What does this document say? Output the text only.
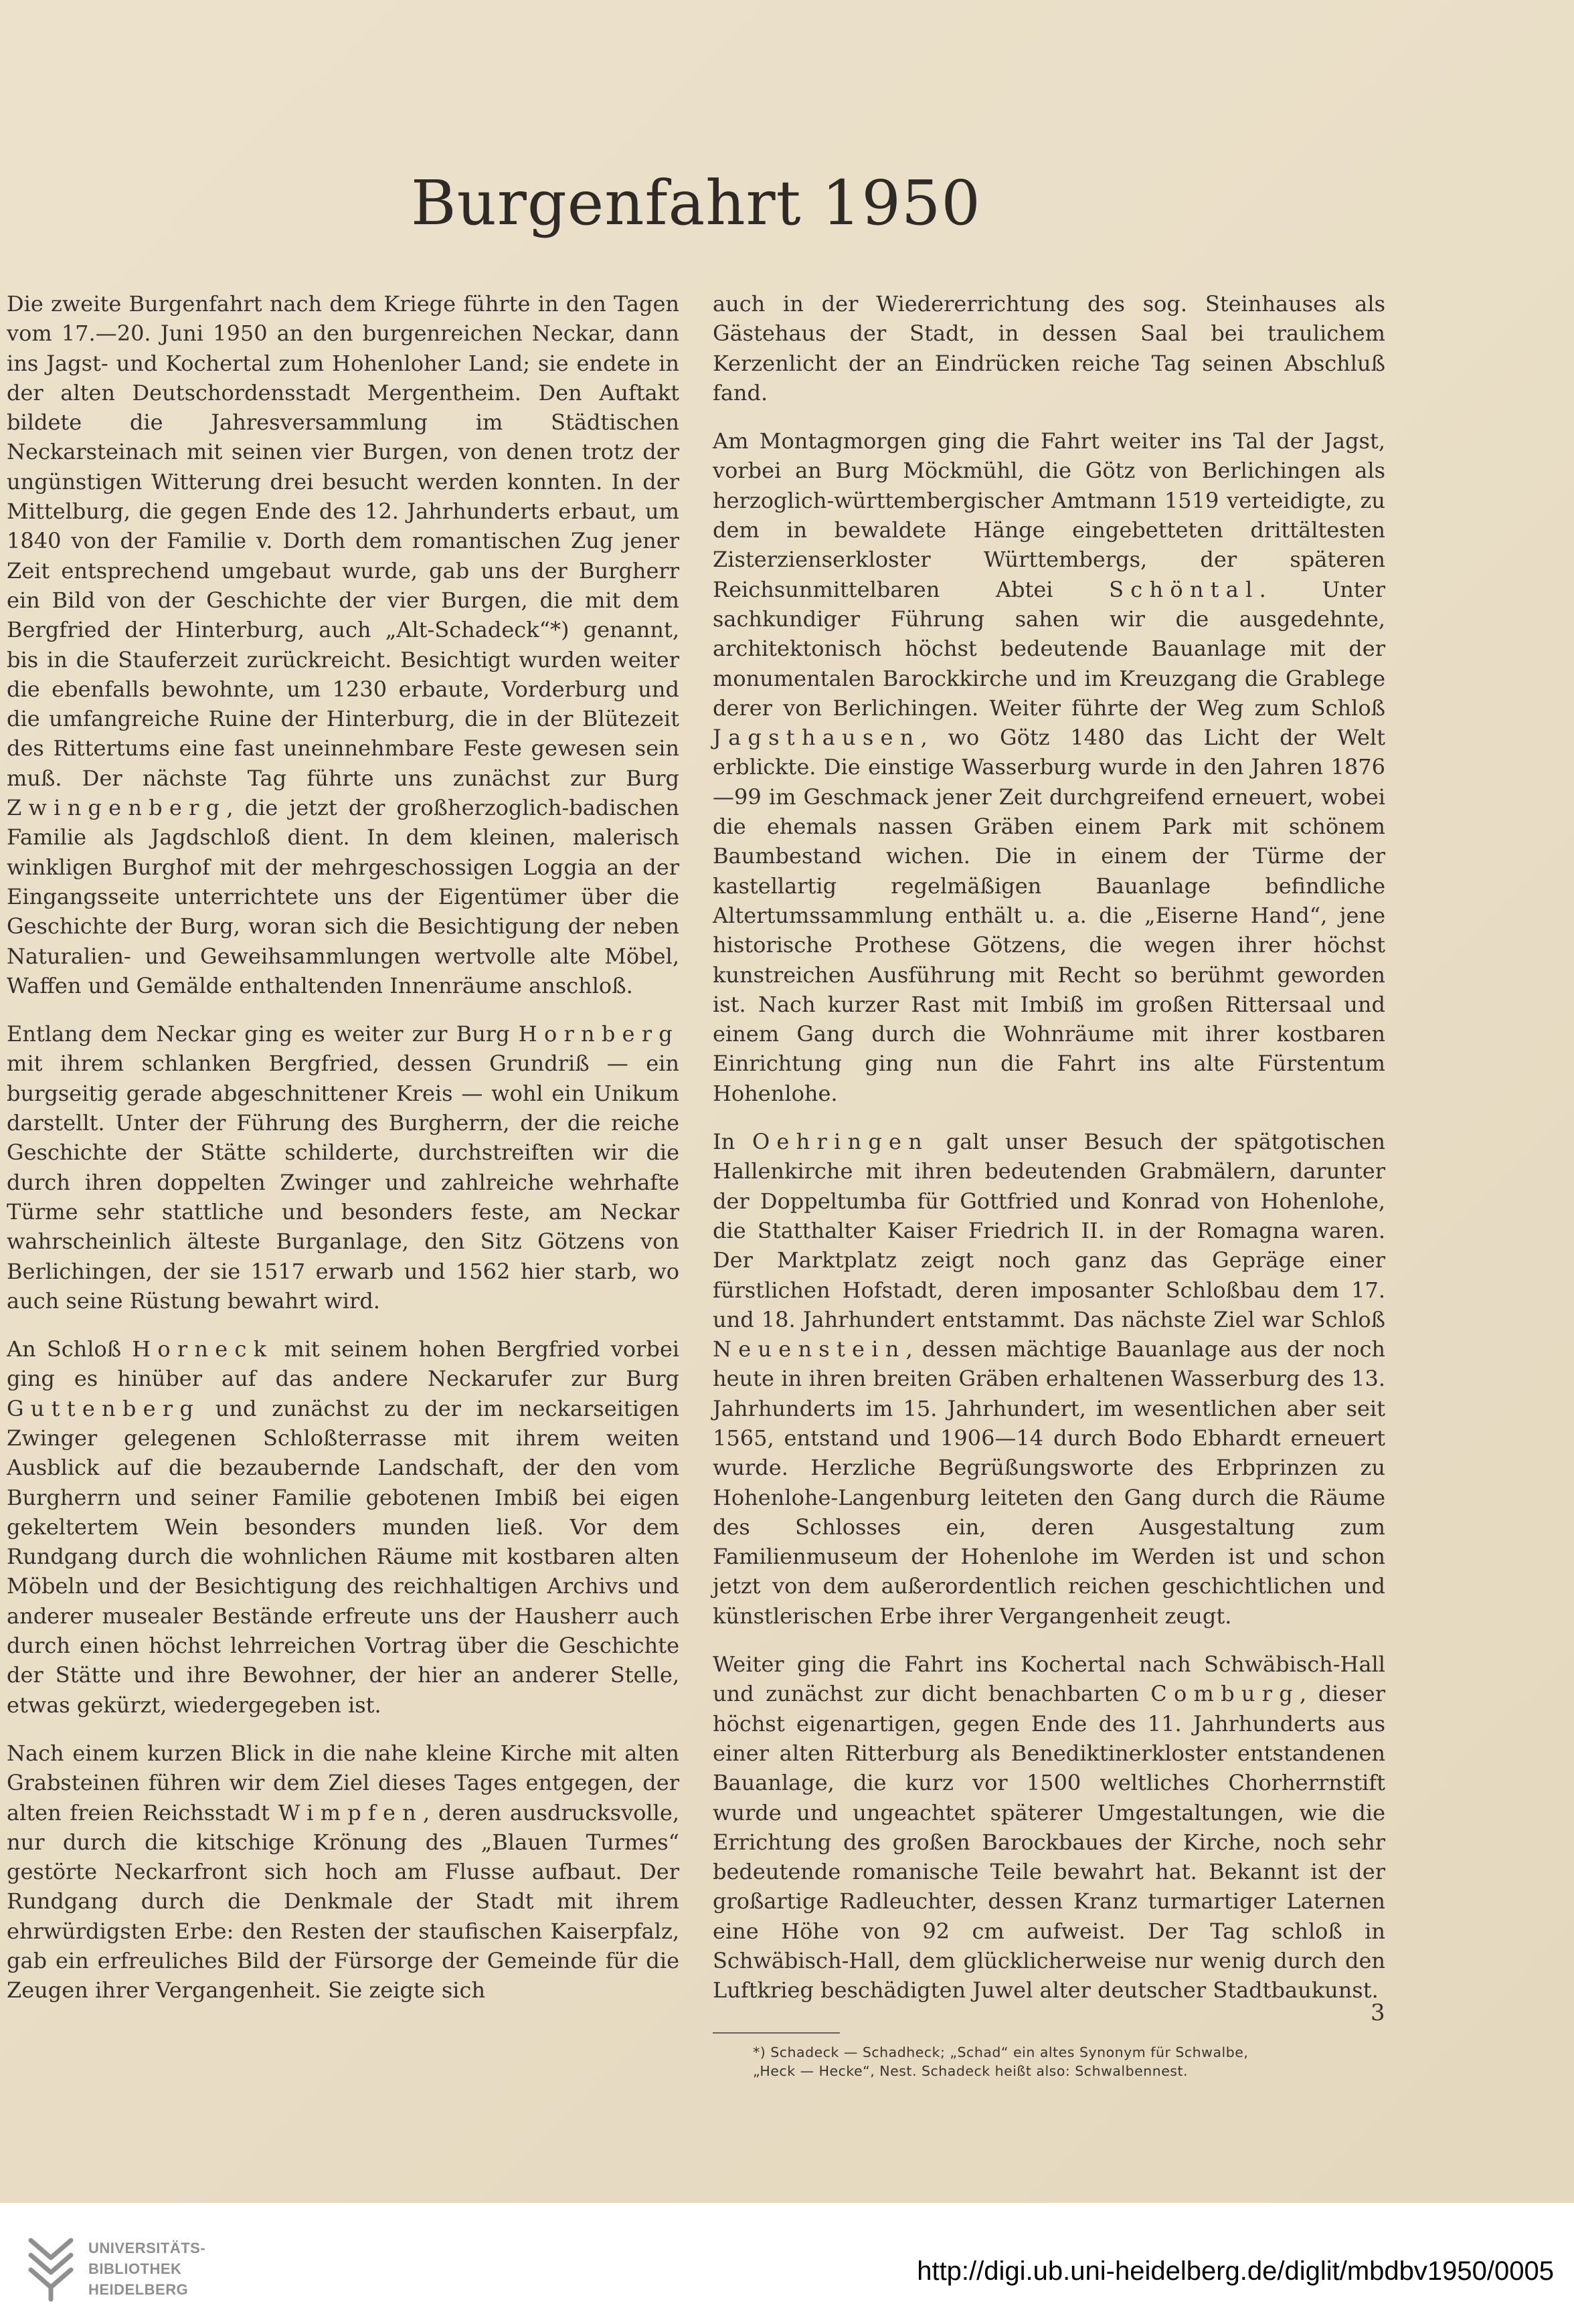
Burgenfahrt 1950

Die zweite Burgenfahrt nach dem Kriege führte in den Tagen vom 17.—20. Juni 1950 an den burgenreichen Neckar, dann ins Jagst- und Kochertal zum Hohenloher Land; sie endete in der alten Deutschordensstadt Mergentheim. Den Auftakt bildete die Jahresversammlung im Städtischen Neckarsteinach mit seinen vier Burgen, von denen trotz der ungünstigen Witterung drei besucht werden konnten. In der Mittelburg, die gegen Ende des 12. Jahrhunderts erbaut, um 1840 von der Familie v. Dorth dem romantischen Zug jener Zeit entsprechend umgebaut wurde, gab uns der Burgherr ein Bild von der Geschichte der vier Burgen, die mit dem Bergfried der Hinterburg, auch „Alt-Schadeck“*) genannt, bis in die Stauferzeit zurückreicht. Besichtigt wurden weiter die ebenfalls bewohnte, um 1230 erbaute, Vorderburg und die umfangreiche Ruine der Hinterburg, die in der Blütezeit des Rittertums eine fast uneinnehmbare Feste gewesen sein muß. Der nächste Tag führte uns zunächst zur Burg Zwingenberg, die jetzt der großherzoglich-badischen Familie als Jagdschloß dient. In dem kleinen, malerisch winkligen Burghof mit der mehrgeschossigen Loggia an der Eingangsseite unterrichtete uns der Eigentümer über die Geschichte der Burg, woran sich die Besichtigung der neben Naturalien- und Geweihsammlungen wertvolle alte Möbel, Waffen und Gemälde enthaltenden Innenräume anschloß.

Entlang dem Neckar ging es weiter zur Burg Hornberg mit ihrem schlanken Bergfried, dessen Grundriß — ein burgseitig gerade abgeschnittener Kreis — wohl ein Unikum darstellt. Unter der Führung des Burgherrn, der die reiche Geschichte der Stätte schilderte, durchstreiften wir die durch ihren doppelten Zwinger und zahlreiche wehrhafte Türme sehr stattliche und besonders feste, am Neckar wahrscheinlich älteste Burganlage, den Sitz Götzens von Berlichingen, der sie 1517 erwarb und 1562 hier starb, wo auch seine Rüstung bewahrt wird.

An Schloß Horneck mit seinem hohen Bergfried vorbei ging es hinüber auf das andere Neckarufer zur Burg Guttenberg und zunächst zu der im neckarseitigen Zwinger gelegenen Schloßterrasse mit ihrem weiten Ausblick auf die bezaubernde Landschaft, der den vom Burgherrn und seiner Familie gebotenen Imbiß bei eigen gekeltertem Wein besonders munden ließ. Vor dem Rundgang durch die wohnlichen Räume mit kostbaren alten Möbeln und der Besichtigung des reichhaltigen Archivs und anderer musealer Bestände erfreute uns der Hausherr auch durch einen höchst lehrreichen Vortrag über die Geschichte der Stätte und ihre Bewohner, der hier an anderer Stelle, etwas gekürzt, wiedergegeben ist.

Nach einem kurzen Blick in die nahe kleine Kirche mit alten Grabsteinen führen wir dem Ziel dieses Tages entgegen, der alten freien Reichsstadt Wimpfen, deren ausdrucksvolle, nur durch die kitschige Krönung des „Blauen Turmes“ gestörte Neckarfront sich hoch am Flusse aufbaut. Der Rundgang durch die Denkmale der Stadt mit ihrem ehrwürdigsten Erbe: den Resten der staufischen Kaiserpfalz, gab ein erfreuliches Bild der Fürsorge der Gemeinde für die Zeugen ihrer Vergangenheit. Sie zeigte sich

auch in der Wiedererrichtung des sog. Steinhauses als Gästehaus der Stadt, in dessen Saal bei traulichem Kerzenlicht der an Eindrücken reiche Tag seinen Abschluß fand.

Am Montagmorgen ging die Fahrt weiter ins Tal der Jagst, vorbei an Burg Möckmühl, die Götz von Berlichingen als herzoglich-württembergischer Amtmann 1519 verteidigte, zu dem in bewaldete Hänge eingebetteten drittältesten Zisterzienserkloster Württembergs, der späteren Reichsunmittelbaren Abtei Schöntal. Unter sachkundiger Führung sahen wir die ausgedehnte, architektonisch höchst bedeutende Bauanlage mit der monumentalen Barockkirche und im Kreuzgang die Grablege derer von Berlichingen. Weiter führte der Weg zum Schloß Jagsthausen, wo Götz 1480 das Licht der Welt erblickte. Die einstige Wasserburg wurde in den Jahren 1876—99 im Geschmack jener Zeit durchgreifend erneuert, wobei die ehemals nassen Gräben einem Park mit schönem Baumbestand wichen. Die in einem der Türme der kastellartig regelmäßigen Bauanlage befindliche Altertumssammlung enthält u. a. die „Eiserne Hand“, jene historische Prothese Götzens, die wegen ihrer höchst kunstreichen Ausführung mit Recht so berühmt geworden ist. Nach kurzer Rast mit Imbiß im großen Rittersaal und einem Gang durch die Wohnräume mit ihrer kostbaren Einrichtung ging nun die Fahrt ins alte Fürstentum Hohenlohe.

In Oehringen galt unser Besuch der spätgotischen Hallenkirche mit ihren bedeutenden Grabmälern, darunter der Doppeltumba für Gottfried und Konrad von Hohenlohe, die Statthalter Kaiser Friedrich II. in der Romagna waren. Der Marktplatz zeigt noch ganz das Gepräge einer fürstlichen Hofstadt, deren imposanter Schloßbau dem 17. und 18. Jahrhundert entstammt. Das nächste Ziel war Schloß Neuenstein, dessen mächtige Bauanlage aus der noch heute in ihren breiten Gräben erhaltenen Wasserburg des 13. Jahrhunderts im 15. Jahrhundert, im wesentlichen aber seit 1565, entstand und 1906—14 durch Bodo Ebhardt erneuert wurde. Herzliche Begrüßungsworte des Erbprinzen zu Hohenlohe-Langenburg leiteten den Gang durch die Räume des Schlosses ein, deren Ausgestaltung zum Familienmuseum der Hohenlohe im Werden ist und schon jetzt von dem außerordentlich reichen geschichtlichen und künstlerischen Erbe ihrer Vergangenheit zeugt.

Weiter ging die Fahrt ins Kochertal nach Schwäbisch-Hall und zunächst zur dicht benachbarten Comburg, dieser höchst eigenartigen, gegen Ende des 11. Jahrhunderts aus einer alten Ritterburg als Benediktinerkloster entstandenen Bauanlage, die kurz vor 1500 weltliches Chorherrnstift wurde und ungeachtet späterer Umgestaltungen, wie die Errichtung des großen Barockbaues der Kirche, noch sehr bedeutende romanische Teile bewahrt hat. Bekannt ist der großartige Radleuchter, dessen Kranz turmartiger Laternen eine Höhe von 92 cm aufweist. Der Tag schloß in Schwäbisch-Hall, dem glücklicherweise nur wenig durch den Luftkrieg beschädigten Juwel alter deutscher Stadtbaukunst.

*) Schadeck — Schadheck; „Schad“ ein altes Synonym für Schwalbe,
„Heck — Hecke“, Nest. Schadeck heißt also: Schwalbennest.
3
UNIVERSITÄTS-
BIBLIOTHEK
HEIDELBERG
http://digi.ub.uni-heidelberg.de/diglit/mbdbv1950/0005
